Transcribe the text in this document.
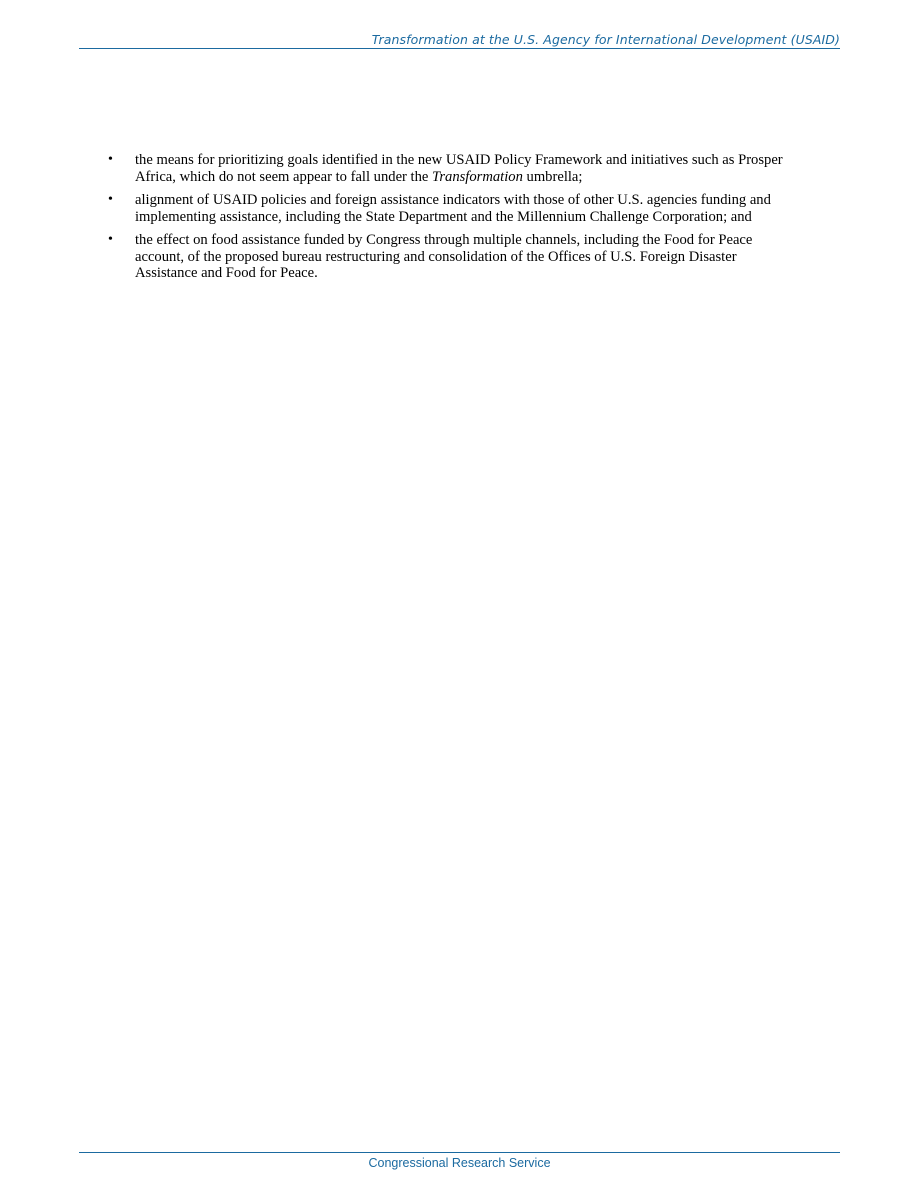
Transformation at the U.S. Agency for International Development (USAID)
• the means for prioritizing goals identified in the new USAID Policy Framework and initiatives such as Prosper Africa, which do not seem appear to fall under the Transformation umbrella;
• alignment of USAID policies and foreign assistance indicators with those of other U.S. agencies funding and implementing assistance, including the State Department and the Millennium Challenge Corporation; and
• the effect on food assistance funded by Congress through multiple channels, including the Food for Peace account, of the proposed bureau restructuring and consolidation of the Offices of U.S. Foreign Disaster Assistance and Food for Peace.
Congressional Research Service
